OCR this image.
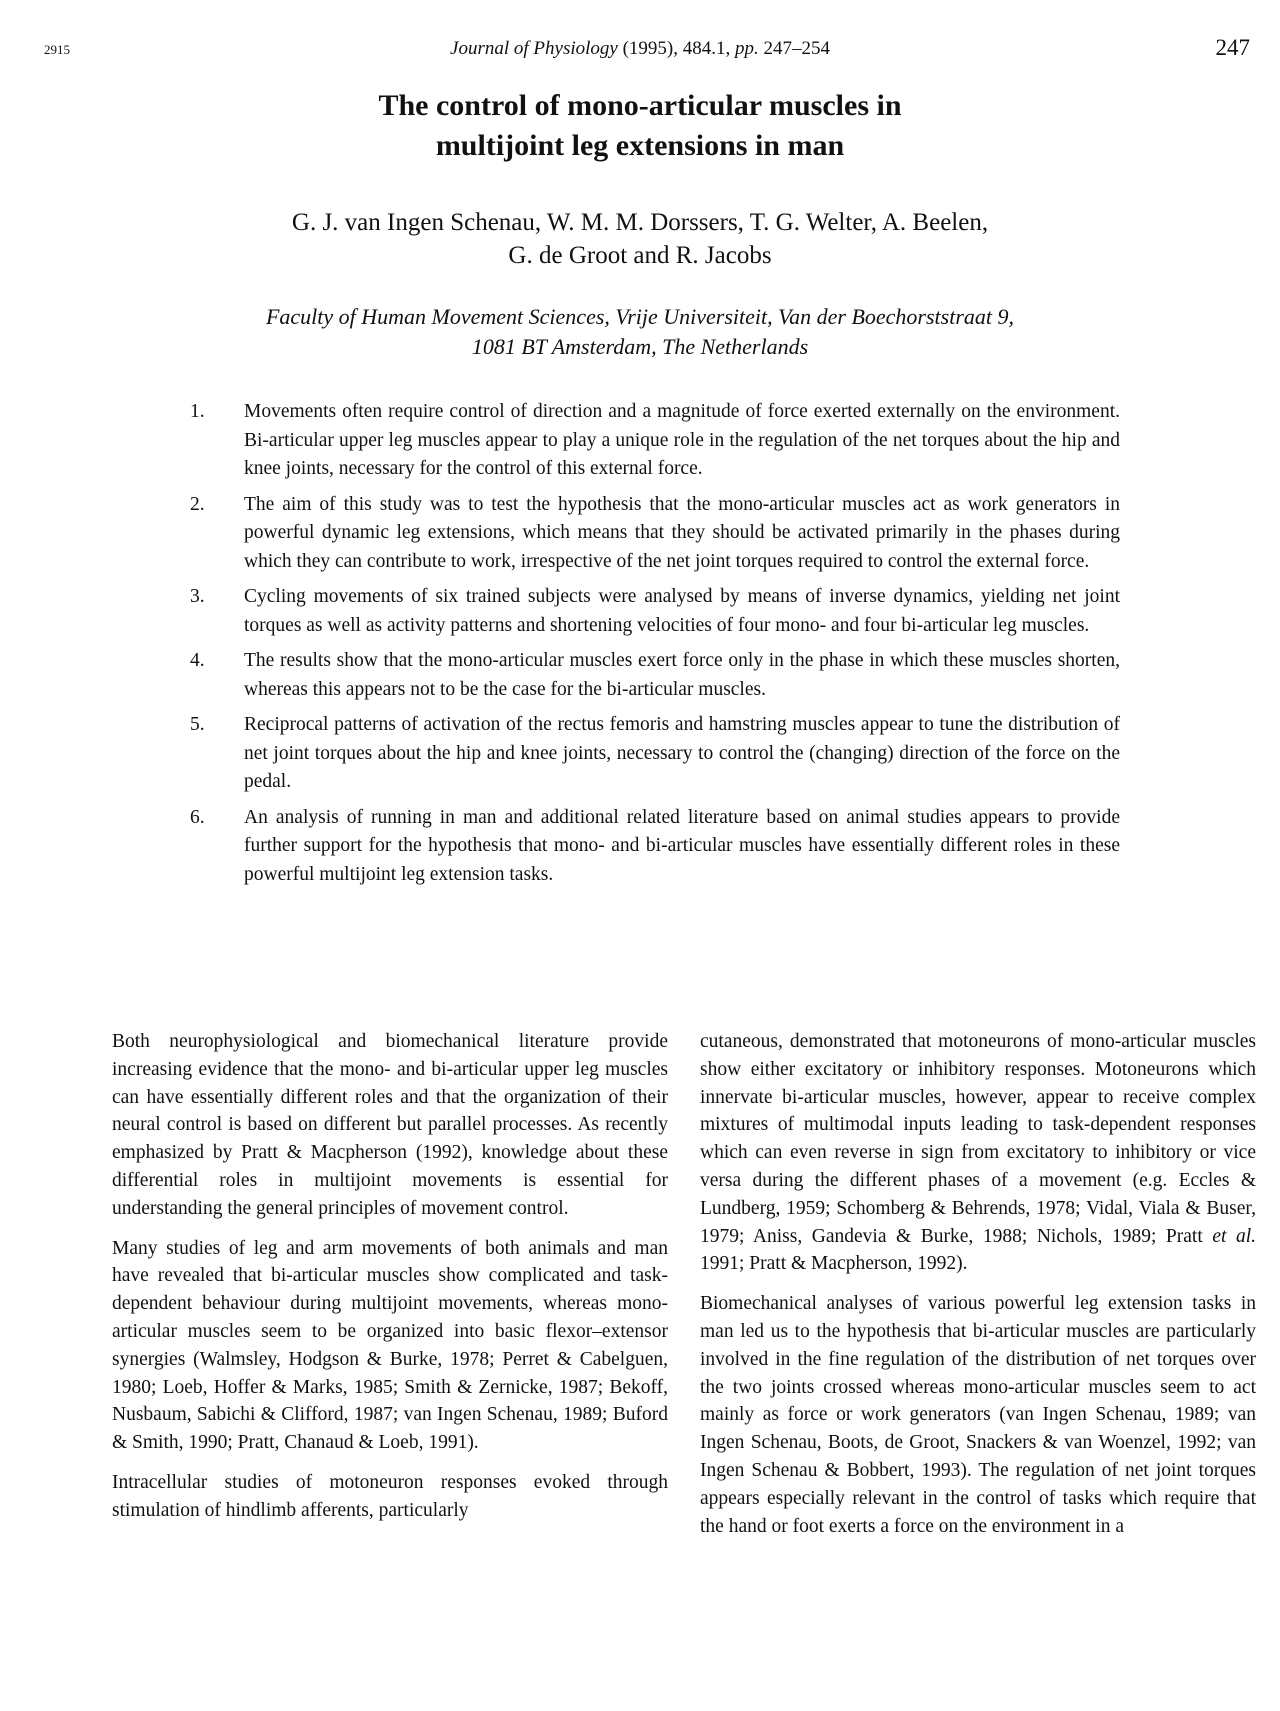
2915	Journal of Physiology (1995), 484.1, pp. 247–254	247
The control of mono-articular muscles in
multijoint leg extensions in man
G. J. van Ingen Schenau, W. M. M. Dorssers, T. G. Welter, A. Beelen,
G. de Groot and R. Jacobs
Faculty of Human Movement Sciences, Vrije Universiteit, Van der Boechorststraat 9,
1081 BT Amsterdam, The Netherlands
1. Movements often require control of direction and a magnitude of force exerted externally on the environment. Bi-articular upper leg muscles appear to play a unique role in the regulation of the net torques about the hip and knee joints, necessary for the control of this external force.
2. The aim of this study was to test the hypothesis that the mono-articular muscles act as work generators in powerful dynamic leg extensions, which means that they should be activated primarily in the phases during which they can contribute to work, irrespective of the net joint torques required to control the external force.
3. Cycling movements of six trained subjects were analysed by means of inverse dynamics, yielding net joint torques as well as activity patterns and shortening velocities of four mono- and four bi-articular leg muscles.
4. The results show that the mono-articular muscles exert force only in the phase in which these muscles shorten, whereas this appears not to be the case for the bi-articular muscles.
5. Reciprocal patterns of activation of the rectus femoris and hamstring muscles appear to tune the distribution of net joint torques about the hip and knee joints, necessary to control the (changing) direction of the force on the pedal.
6. An analysis of running in man and additional related literature based on animal studies appears to provide further support for the hypothesis that mono- and bi-articular muscles have essentially different roles in these powerful multijoint leg extension tasks.

Both neurophysiological and biomechanical literature provide increasing evidence that the mono- and bi-articular upper leg muscles can have essentially different roles and that the organization of their neural control is based on different but parallel processes. As recently emphasized by Pratt & Macpherson (1992), knowledge about these differential roles in multijoint movements is essential for understanding the general principles of movement control.

Many studies of leg and arm movements of both animals and man have revealed that bi-articular muscles show complicated and task-dependent behaviour during multijoint movements, whereas mono-articular muscles seem to be organized into basic flexor–extensor synergies (Walmsley, Hodgson & Burke, 1978; Perret & Cabelguen, 1980; Loeb, Hoffer & Marks, 1985; Smith & Zernicke, 1987; Bekoff, Nusbaum, Sabichi & Clifford, 1987; van Ingen Schenau, 1989; Buford & Smith, 1990; Pratt, Chanaud & Loeb, 1991).

Intracellular studies of motoneuron responses evoked through stimulation of hindlimb afferents, particularly

cutaneous, demonstrated that motoneurons of mono-articular muscles show either excitatory or inhibitory responses. Motoneurons which innervate bi-articular muscles, however, appear to receive complex mixtures of multimodal inputs leading to task-dependent responses which can even reverse in sign from excitatory to inhibitory or vice versa during the different phases of a movement (e.g. Eccles & Lundberg, 1959; Schomberg & Behrends, 1978; Vidal, Viala & Buser, 1979; Aniss, Gandevia & Burke, 1988; Nichols, 1989; Pratt et al. 1991; Pratt & Macpherson, 1992).

Biomechanical analyses of various powerful leg extension tasks in man led us to the hypothesis that bi-articular muscles are particularly involved in the fine regulation of the distribution of net torques over the two joints crossed whereas mono-articular muscles seem to act mainly as force or work generators (van Ingen Schenau, 1989; van Ingen Schenau, Boots, de Groot, Snackers & van Woenzel, 1992; van Ingen Schenau & Bobbert, 1993). The regulation of net joint torques appears especially relevant in the control of tasks which require that the hand or foot exerts a force on the environment in a
